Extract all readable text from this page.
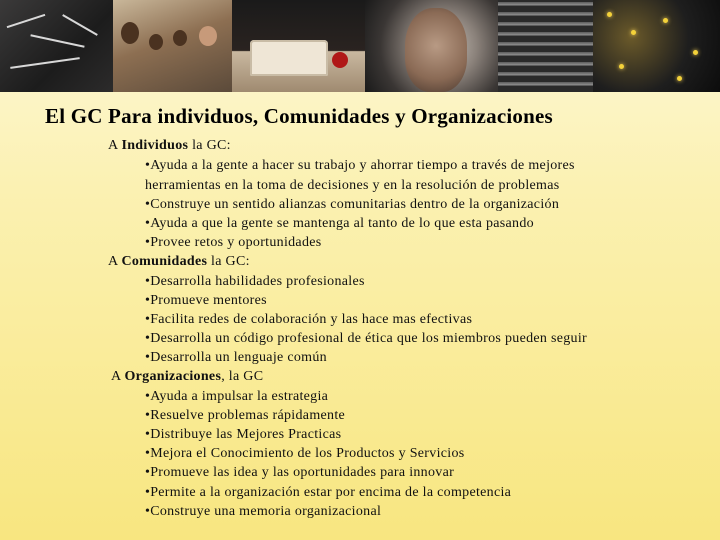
El GC Para individuos, Comunidades y Organizaciones
A Individuos la GC:
•Ayuda a la gente a hacer su trabajo y ahorrar tiempo a través de mejores
herramientas en la toma de decisiones y en la resolución de problemas
•Construye un sentido alianzas comunitarias dentro de la organización
•Ayuda a que la gente se mantenga al tanto de lo que esta pasando
•Provee retos y oportunidades
A Comunidades la GC:
•Desarrolla habilidades profesionales
•Promueve mentores
•Facilita redes de colaboración y las hace mas efectivas
•Desarrolla un código profesional de ética que los miembros pueden seguir
•Desarrolla un lenguaje común
A Organizaciones, la GC
•Ayuda a impulsar la estrategia
•Resuelve problemas rápidamente
•Distribuye las Mejores Practicas
•Mejora el Conocimiento de los Productos y Servicios
•Promueve las idea y las oportunidades para innovar
•Permite a la organización estar por encima de la competencia
•Construye una memoria organizacional
